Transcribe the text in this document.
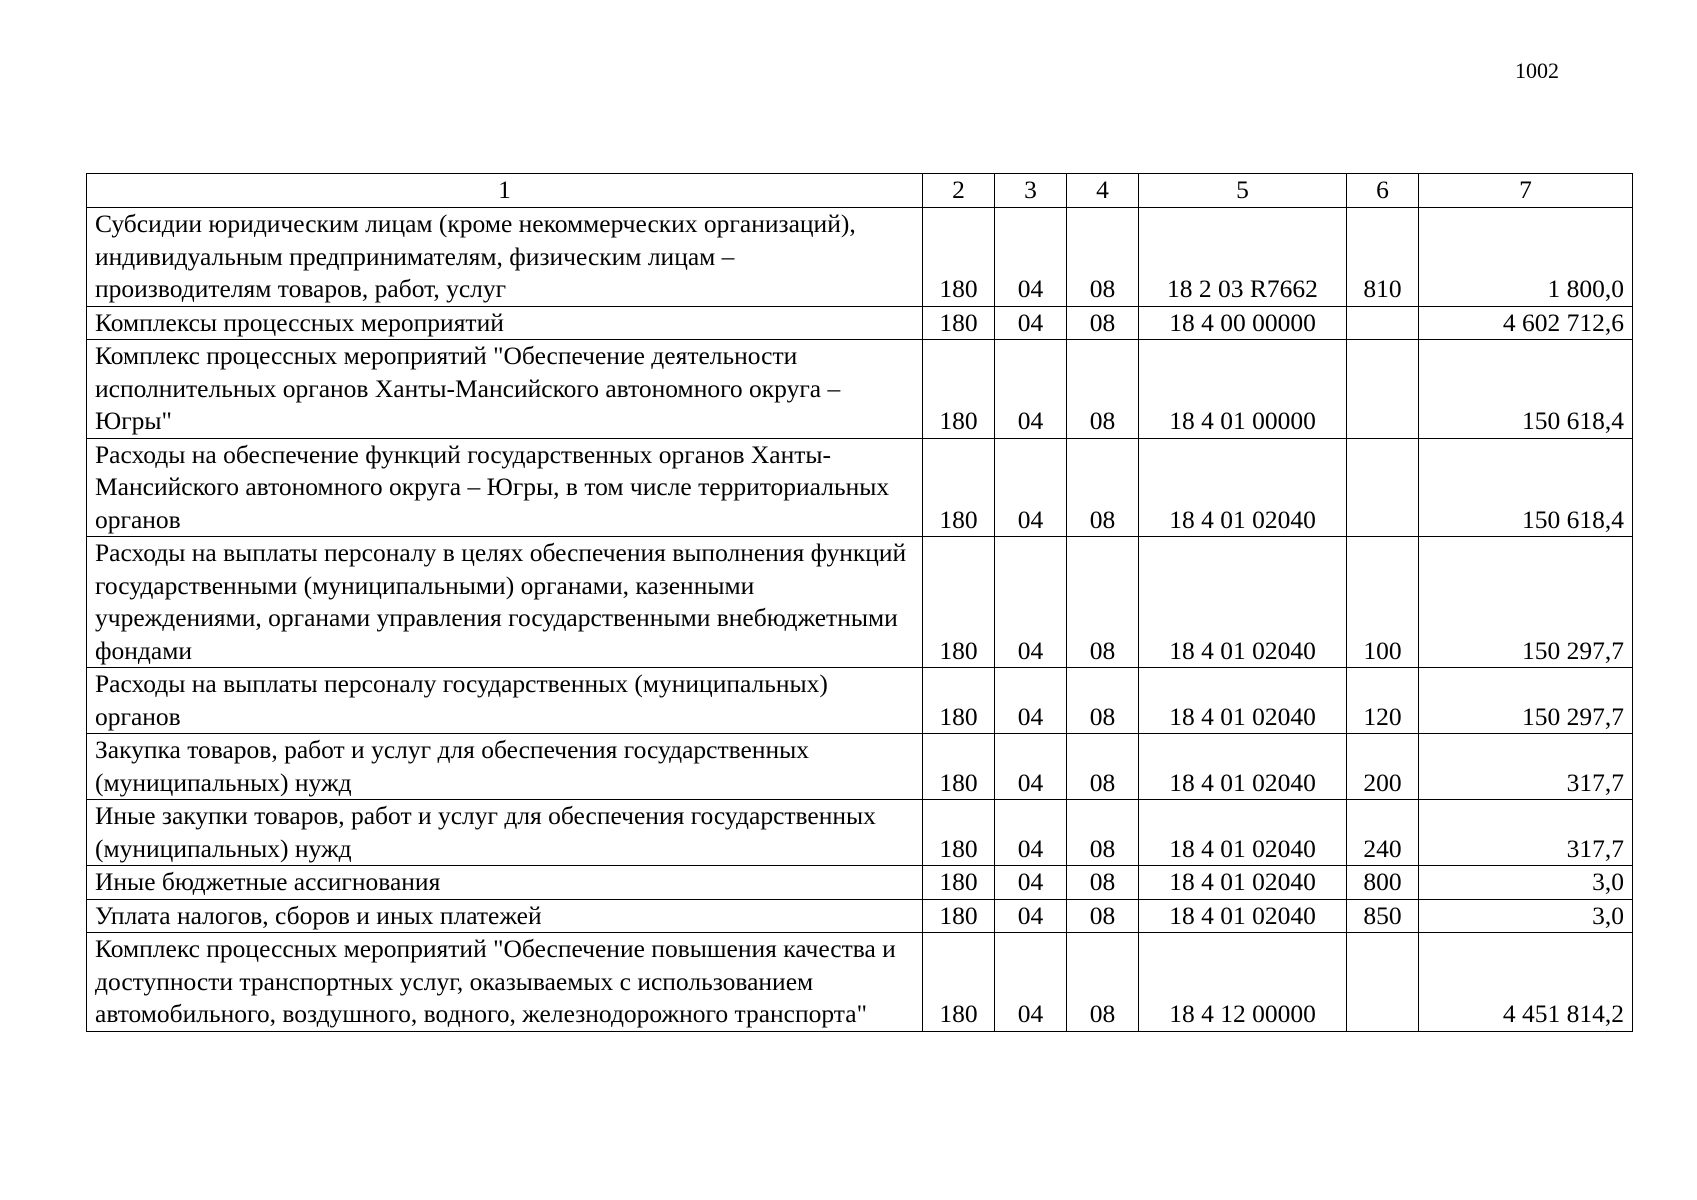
1002
1	2	3	4	5	6	7
Субсидии юридическим лицам (кроме некоммерческих организаций), индивидуальным предпринимателям, физическим лицам – производителям товаров, работ, услуг	180	04	08	18 2 03 R7662	810	1 800,0
Комплексы процессных мероприятий	180	04	08	18 4 00 00000		4 602 712,6
Комплекс процессных мероприятий "Обеспечение деятельности исполнительных органов Ханты-Мансийского автономного округа – Югры"	180	04	08	18 4 01 00000		150 618,4
Расходы на обеспечение функций государственных органов Ханты-Мансийского автономного округа – Югры, в том числе территориальных органов	180	04	08	18 4 01 02040		150 618,4
Расходы на выплаты персоналу в целях обеспечения выполнения функций государственными (муниципальными) органами, казенными учреждениями, органами управления государственными внебюджетными фондами	180	04	08	18 4 01 02040	100	150 297,7
Расходы на выплаты персоналу государственных (муниципальных) органов	180	04	08	18 4 01 02040	120	150 297,7
Закупка товаров, работ и услуг для обеспечения государственных (муниципальных) нужд	180	04	08	18 4 01 02040	200	317,7
Иные закупки товаров, работ и услуг для обеспечения государственных (муниципальных) нужд	180	04	08	18 4 01 02040	240	317,7
Иные бюджетные ассигнования	180	04	08	18 4 01 02040	800	3,0
Уплата налогов, сборов и иных платежей	180	04	08	18 4 01 02040	850	3,0
Комплекс процессных мероприятий "Обеспечение повышения качества и доступности транспортных услуг, оказываемых с использованием автомобильного, воздушного, водного, железнодорожного транспорта"	180	04	08	18 4 12 00000		4 451 814,2
